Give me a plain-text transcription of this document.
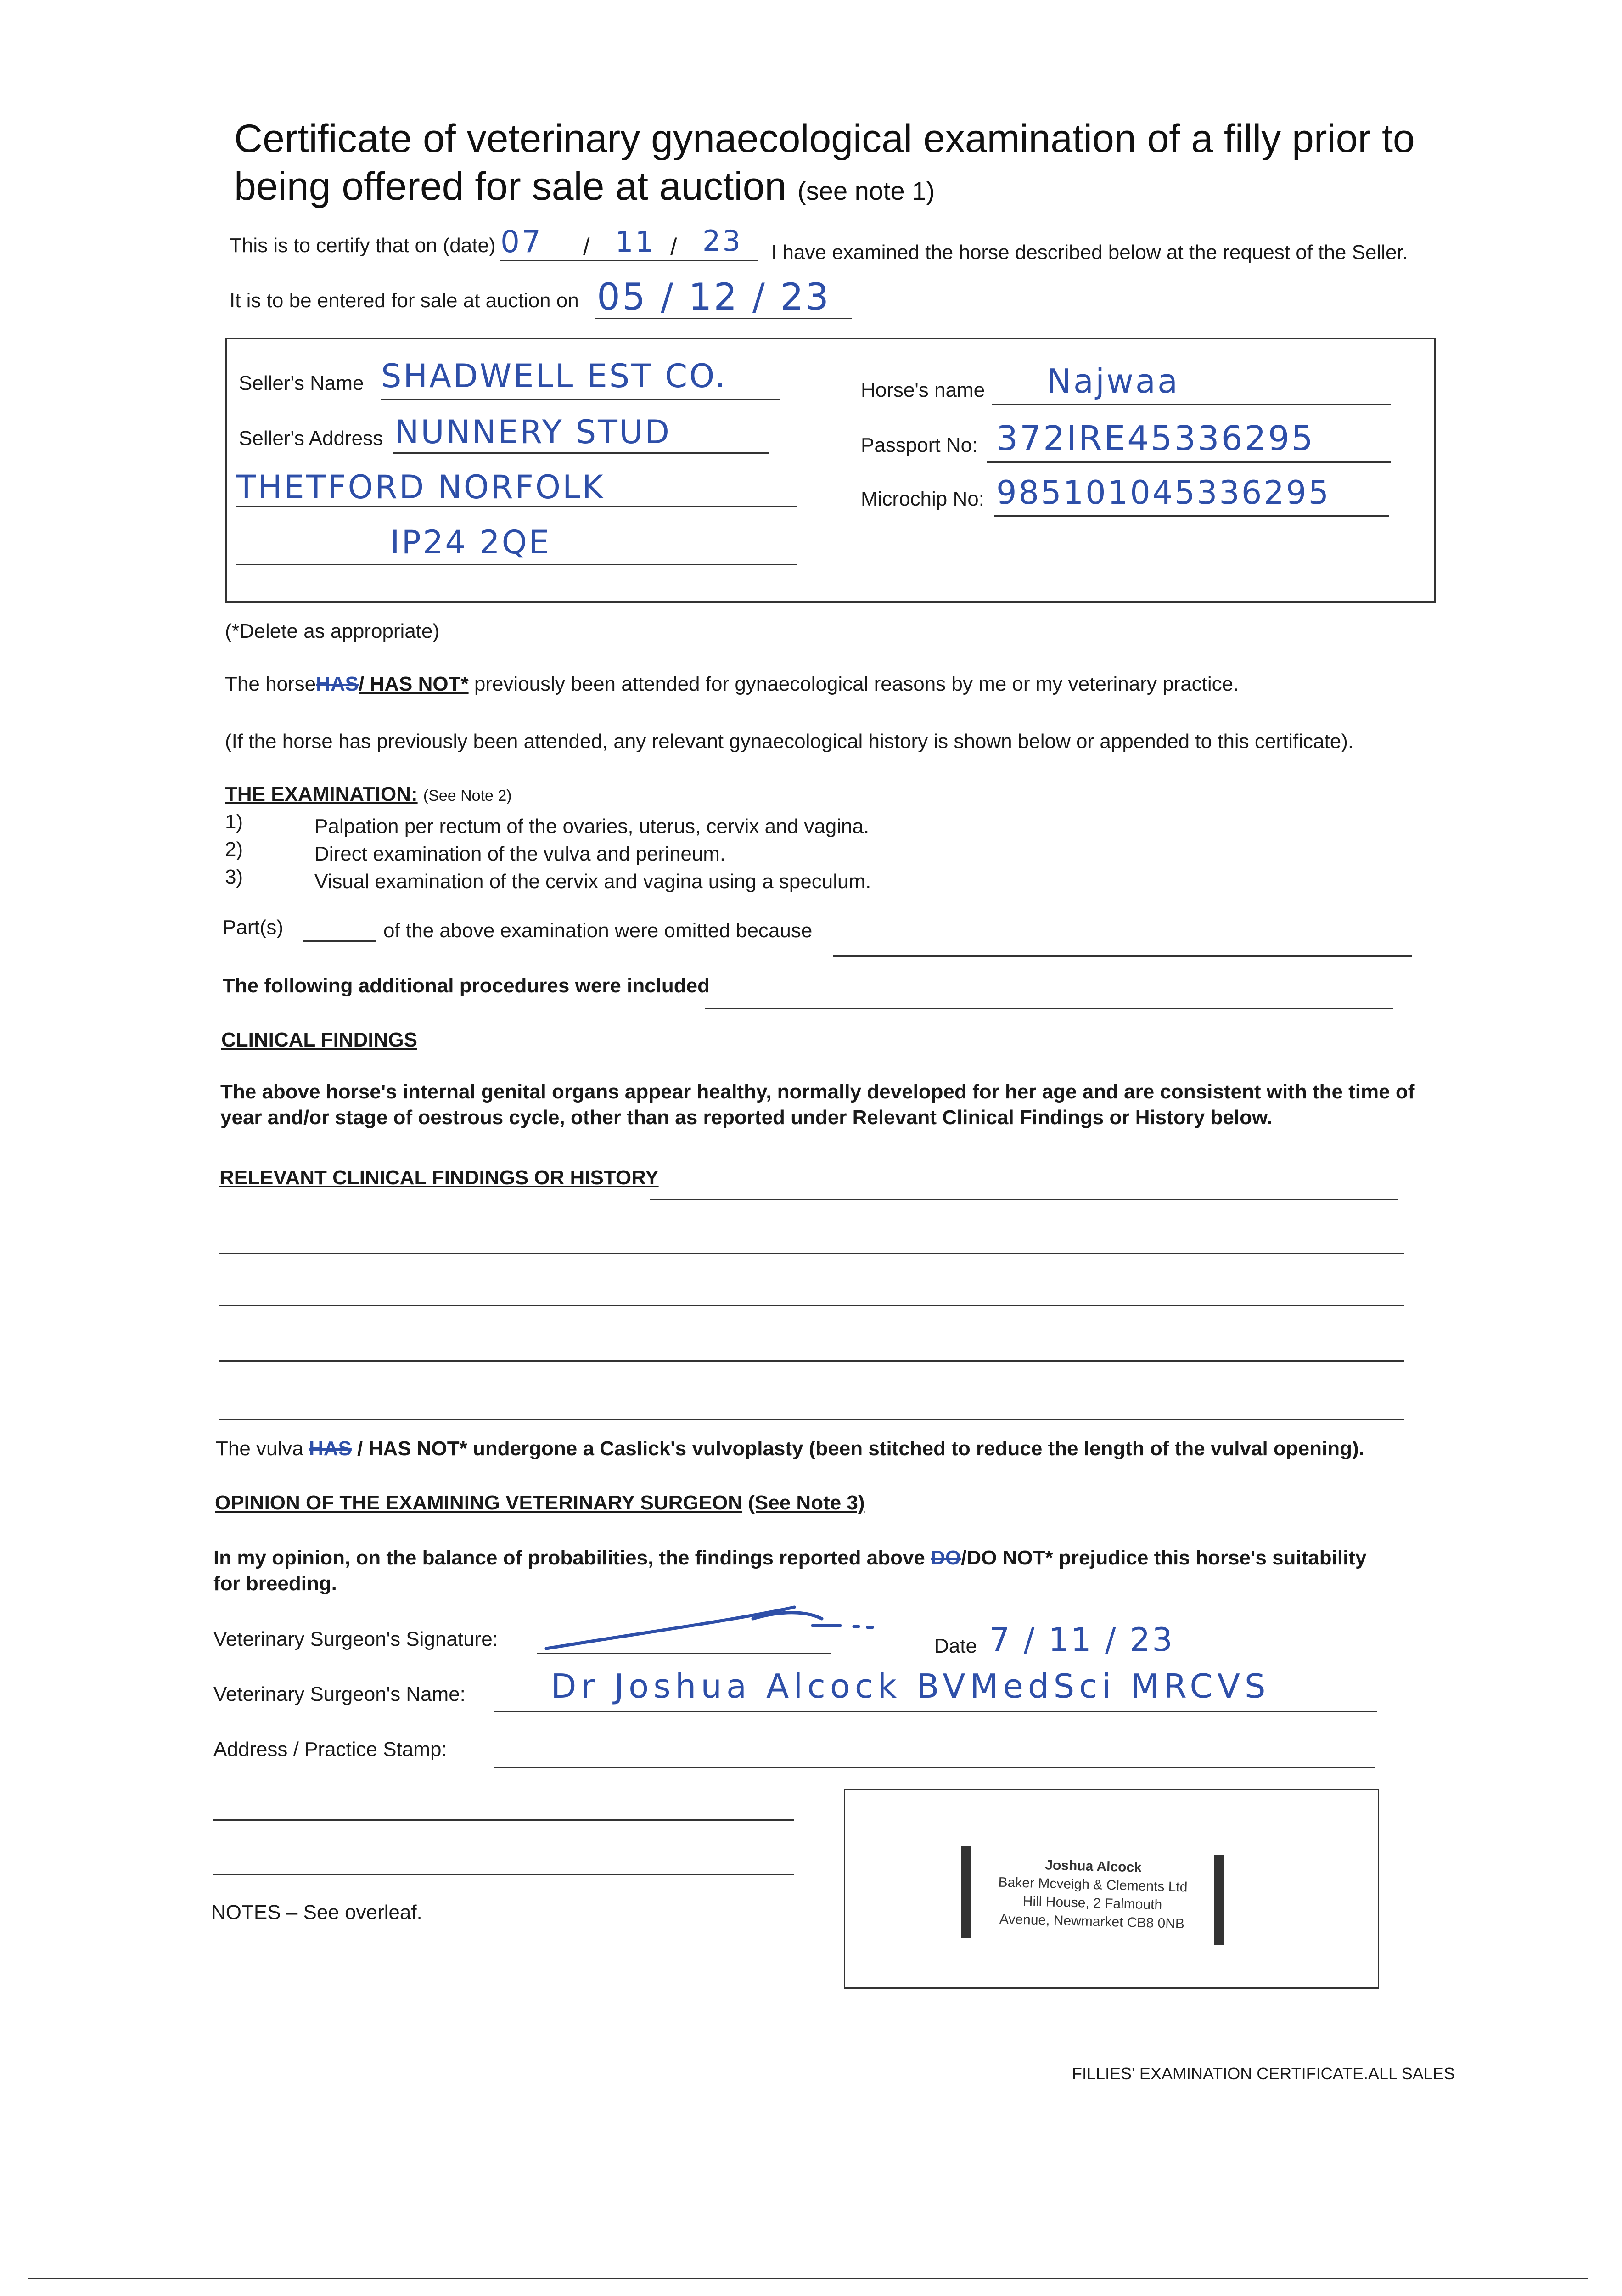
Certificate of veterinary gynaecological examination of a filly prior to being offered for sale at auction (see note 1)
This is to certify that on (date) 07 / 11 / 23 I have examined the horse described below at the request of the Seller.
It is to be entered for sale at auction on 05 / 12 / 23
Seller's Name SHADWELL EST CO.
Seller's Address NUNNERY STUD
THETFORD NORFOLK
IP24 2QE
Horse's name Najwaa
Passport No: 372IRE45336295
Microchip No: 985101045336295
(*Delete as appropriate)
The horseHAS/ HAS NOT* previously been attended for gynaecological reasons by me or my veterinary practice.
(If the horse has previously been attended, any relevant gynaecological history is shown below or appended to this certificate).
THE EXAMINATION: (See Note 2)
1)	Palpation per rectum of the ovaries, uterus, cervix and vagina.
2)	Direct examination of the vulva and perineum.
3)	Visual examination of the cervix and vagina using a speculum.
Part(s)	of the above examination were omitted because
The following additional procedures were included
CLINICAL FINDINGS
The above horse's internal genital organs appear healthy, normally developed for her age and are consistent with the time of year and/or stage of oestrous cycle, other than as reported under Relevant Clinical Findings or History below.
RELEVANT CLINICAL FINDINGS OR HISTORY
The vulva HAS / HAS NOT* undergone a Caslick's vulvoplasty (been stitched to reduce the length of the vulval opening).
OPINION OF THE EXAMINING VETERINARY SURGEON (See Note 3)
In my opinion, on the balance of probabilities, the findings reported above DO/DO NOT* prejudice this horse's suitability for breeding.
Veterinary Surgeon's Signature:	Date 7 / 11 / 23
Veterinary Surgeon's Name:	Dr Joshua Alcock BVMedSci MRCVS
Address / Practice Stamp:
Joshua Alcock
Baker Mcveigh & Clements Ltd
Hill House, 2 Falmouth
Avenue, Newmarket CB8 0NB
NOTES – See overleaf.
FILLIES' EXAMINATION CERTIFICATE.ALL SALES
